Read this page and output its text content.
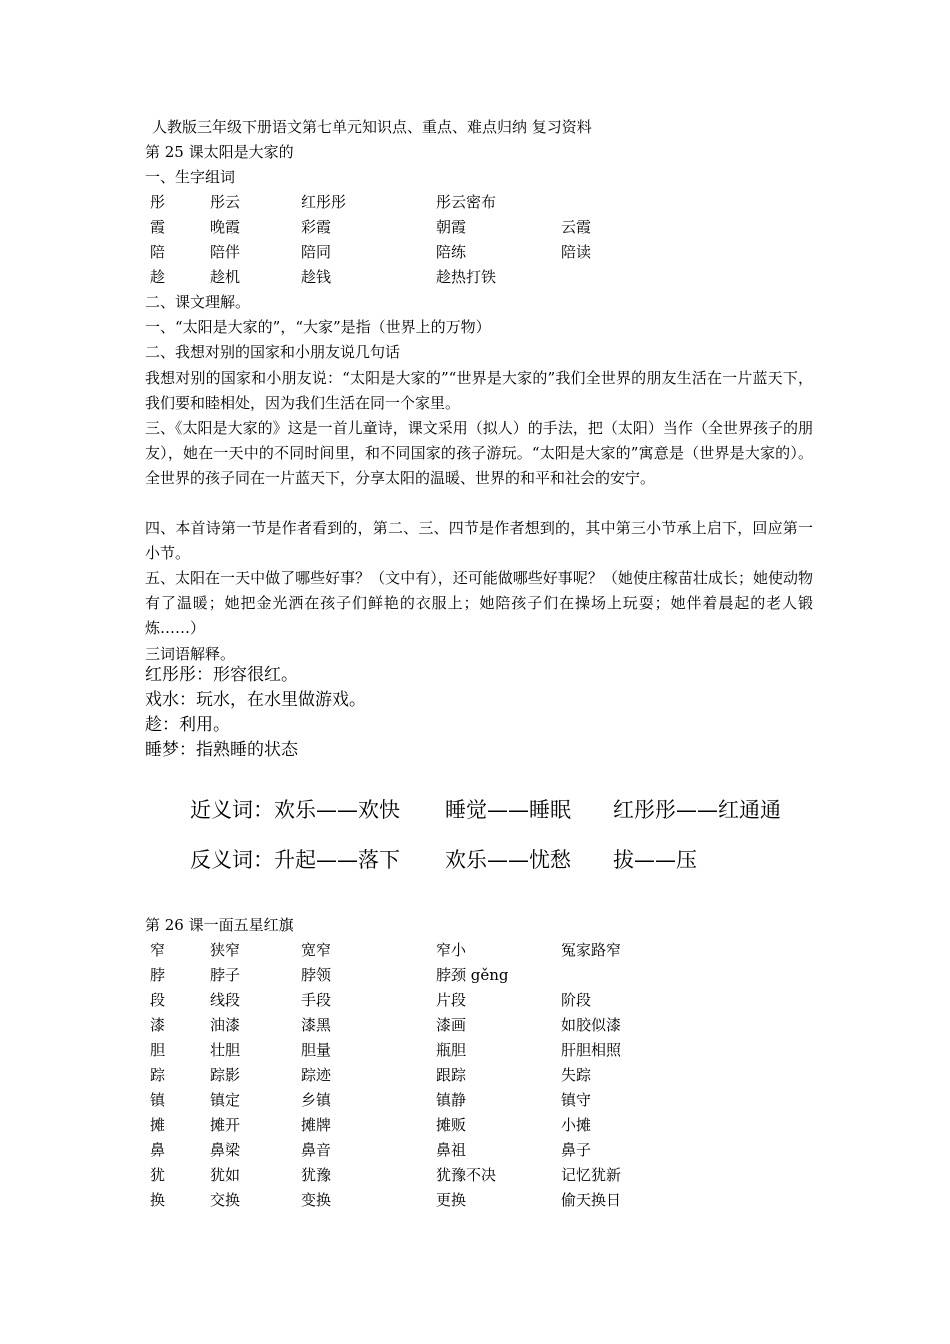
人教版三年级下册语文第七单元知识点、重点、难点归纳 复习资料
第 25 课太阳是大家的
一、生字组词
彤	彤云	红彤彤	彤云密布
霞	晚霞	彩霞	朝霞	云霞
陪	陪伴	陪同	陪练	陪读
趁	趁机	趁钱	趁热打铁
二、课文理解。
一、“太阳是大家的”，“大家”是指（世界上的万物）
二、我想对别的国家和小朋友说几句话
我想对别的国家和小朋友说：“太阳是大家的”“世界是大家的”我们全世界的朋友生活在一片蓝天下，我们要和睦相处，因为我们生活在同一个家里。
三、《太阳是大家的》这是一首儿童诗，课文采用（拟人）的手法，把（太阳）当作（全世界孩子的朋友），她在一天中的不同时间里，和不同国家的孩子游玩。“太阳是大家的”寓意是（世界是大家的）。全世界的孩子同在一片蓝天下，分享太阳的温暖、世界的和平和社会的安宁。
四、本首诗第一节是作者看到的，第二、三、四节是作者想到的，其中第三小节承上启下，回应第一小节。
五、太阳在一天中做了哪些好事？（文中有），还可能做哪些好事呢？（她使庄稼苗壮成长；她使动物有了温暖；她把金光洒在孩子们鲜艳的衣服上；她陪孩子们在操场上玩耍；她伴着晨起的老人锻炼……）
三词语解释。
红彤彤：形容很红。
戏水：玩水，在水里做游戏。
趁：利用。
睡梦：指熟睡的状态
近义词：欢乐——欢快 睡觉——睡眠 红彤彤——红通通
反义词：升起——落下 欢乐——忧愁 拔——压
第 26 课一面五星红旗
窄	狭窄	宽窄	窄小	冤家路窄
脖	脖子	脖领	脖颈 gěng
段	线段	手段	片段	阶段
漆	油漆	漆黑	漆画	如胶似漆
胆	壮胆	胆量	瓶胆	肝胆相照
踪	踪影	踪迹	跟踪	失踪
镇	镇定	乡镇	镇静	镇守
摊	摊开	摊牌	摊贩	小摊
鼻	鼻梁	鼻音	鼻祖	鼻子
犹	犹如	犹豫	犹豫不决	记忆犹新
换	交换	变换	更换	偷天换日
